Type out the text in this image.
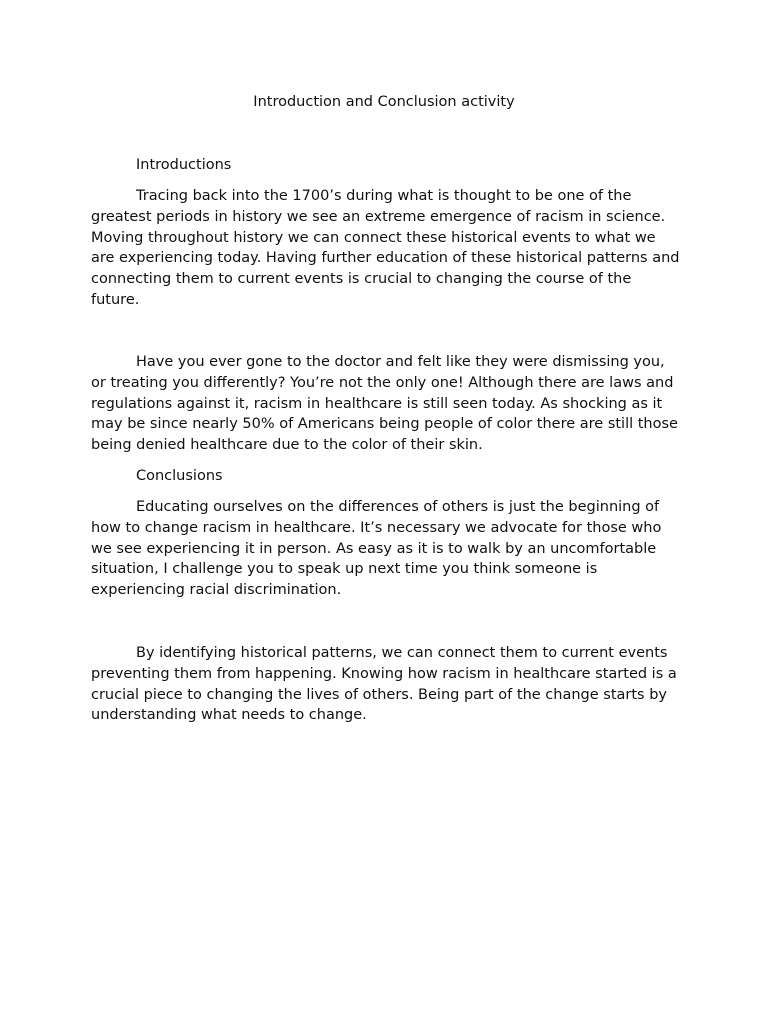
Introduction and Conclusion activity
Introductions

Tracing back into the 1700’s during what is thought to be one of the greatest periods in history we see an extreme emergence of racism in science. Moving throughout history we can connect these historical events to what we are experiencing today. Having further education of these historical patterns and connecting them to current events is crucial to changing the course of the future.

Have you ever gone to the doctor and felt like they were dismissing you, or treating you differently? You’re not the only one! Although there are laws and regulations against it, racism in healthcare is still seen today. As shocking as it may be since nearly 50% of Americans being people of color there are still those being denied healthcare due to the color of their skin.

Conclusions

Educating ourselves on the differences of others is just the beginning of how to change racism in healthcare. It’s necessary we advocate for those who we see experiencing it in person. As easy as it is to walk by an uncomfortable situation, I challenge you to speak up next time you think someone is experiencing racial discrimination.

By identifying historical patterns, we can connect them to current events preventing them from happening. Knowing how racism in healthcare started is a crucial piece to changing the lives of others. Being part of the change starts by understanding what needs to change.
